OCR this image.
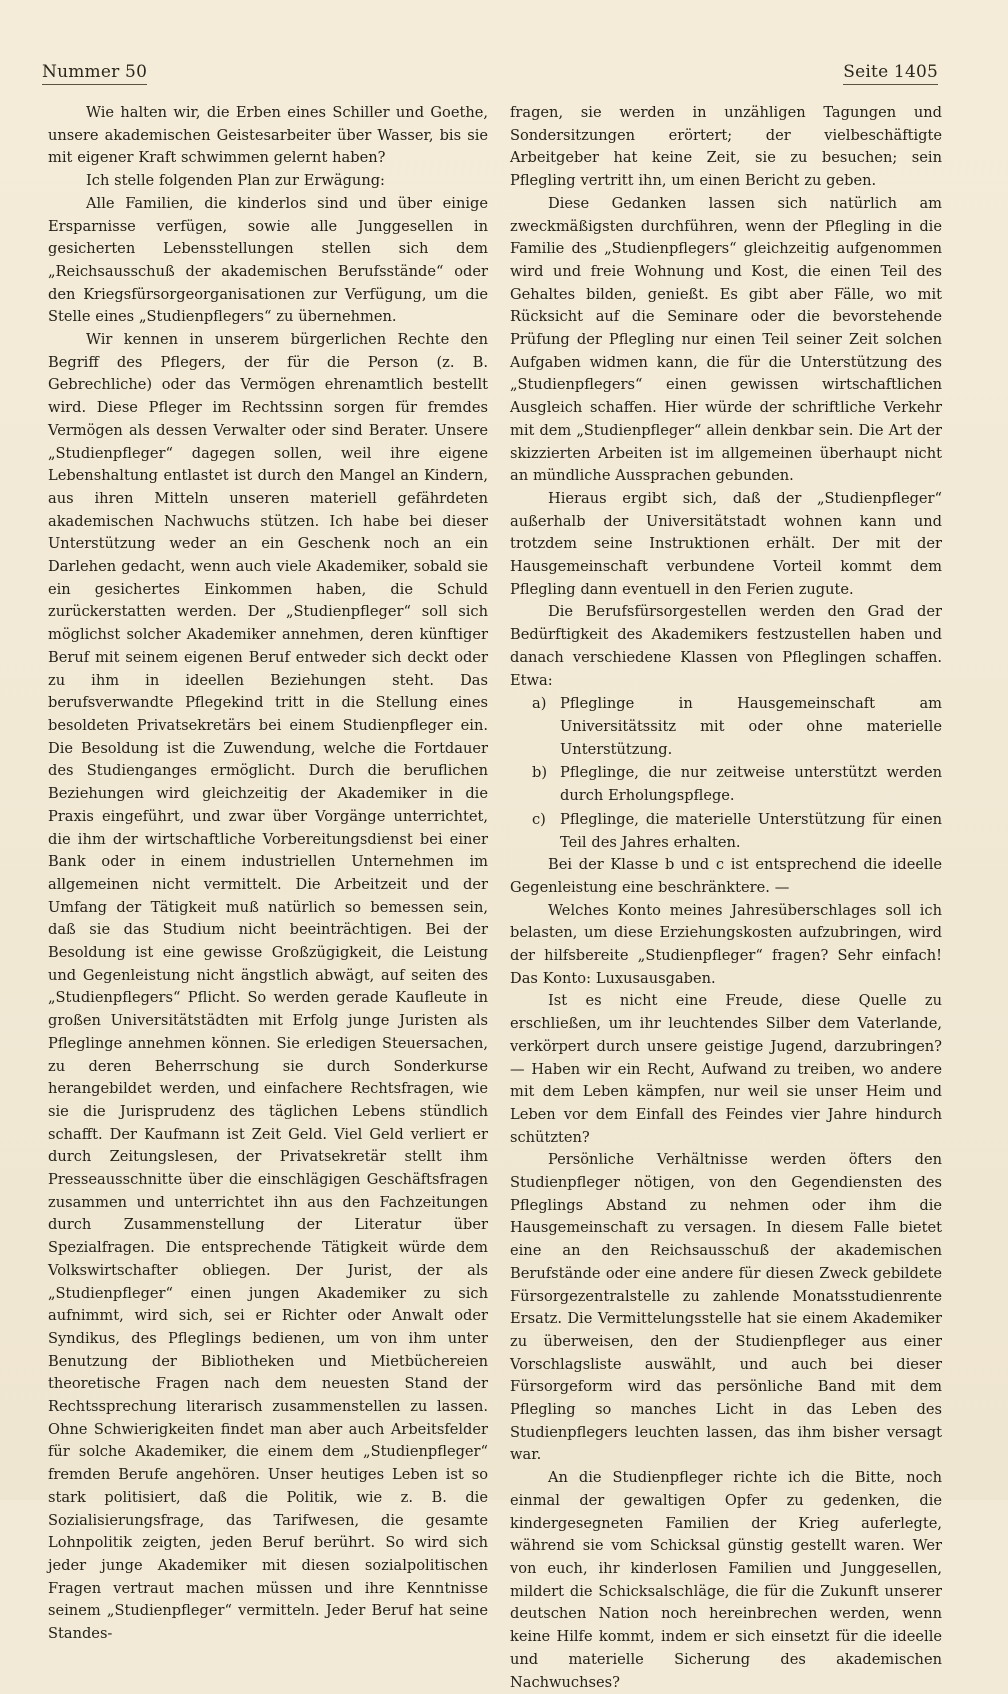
Nummer 50	Seite 1405

Wie halten wir, die Erben eines Schiller und Goethe, unsere akademischen Geistesarbeiter über Wasser, bis sie mit eigener Kraft schwimmen gelernt haben?

Ich stelle folgenden Plan zur Erwägung:

Alle Familien, die kinderlos sind und über einige Ersparnisse verfügen, sowie alle Junggesellen in gesicherten Lebensstellungen stellen sich dem „Reichsausschuß der akademischen Berufsstände“ oder den Kriegsfürsorgeorganisationen zur Verfügung, um die Stelle eines „Studienpflegers“ zu übernehmen.

Wir kennen in unserem bürgerlichen Rechte den Begriff des Pflegers, der für die Person (z. B. Gebrechliche) oder das Vermögen ehrenamtlich bestellt wird. Diese Pfleger im Rechtssinn sorgen für fremdes Vermögen als dessen Verwalter oder sind Berater. Unsere „Studienpfleger“ dagegen sollen, weil ihre eigene Lebenshaltung entlastet ist durch den Mangel an Kindern, aus ihren Mitteln unseren materiell gefährdeten akademischen Nachwuchs stützen. Ich habe bei dieser Unterstützung weder an ein Geschenk noch an ein Darlehen gedacht, wenn auch viele Akademiker, sobald sie ein gesichertes Einkommen haben, die Schuld zurückerstatten werden. Der „Studienpfleger“ soll sich möglichst solcher Akademiker annehmen, deren künftiger Beruf mit seinem eigenen Beruf entweder sich deckt oder zu ihm in ideellen Beziehungen steht. Das berufsverwandte Pflegekind tritt in die Stellung eines besoldeten Privatsekretärs bei einem Studienpfleger ein. Die Besoldung ist die Zuwendung, welche die Fortdauer des Studienganges ermöglicht. Durch die beruflichen Beziehungen wird gleichzeitig der Akademiker in die Praxis eingeführt, und zwar über Vorgänge unterrichtet, die ihm der wirtschaftliche Vorbereitungsdienst bei einer Bank oder in einem industriellen Unternehmen im allgemeinen nicht vermittelt. Die Arbeitzeit und der Umfang der Tätigkeit muß natürlich so bemessen sein, daß sie das Studium nicht beeinträchtigen. Bei der Besoldung ist eine gewisse Großzügigkeit, die Leistung und Gegenleistung nicht ängstlich abwägt, auf seiten des „Studienpflegers“ Pflicht. So werden gerade Kaufleute in großen Universitätstädten mit Erfolg junge Juristen als Pfleglinge annehmen können. Sie erledigen Steuersachen, zu deren Beherrschung sie durch Sonderkurse herangebildet werden, und einfachere Rechtsfragen, wie sie die Jurisprudenz des täglichen Lebens stündlich schafft. Der Kaufmann ist Zeit Geld. Viel Geld verliert er durch Zeitungslesen, der Privatsekretär stellt ihm Presseausschnitte über die einschlägigen Geschäftsfragen zusammen und unterrichtet ihn aus den Fachzeitungen durch Zusammenstellung der Literatur über Spezialfragen. Die entsprechende Tätigkeit würde dem Volkswirtschafter obliegen. Der Jurist, der als „Studienpfleger“ einen jungen Akademiker zu sich aufnimmt, wird sich, sei er Richter oder Anwalt oder Syndikus, des Pfleglings bedienen, um von ihm unter Benutzung der Bibliotheken und Mietbüchereien theoretische Fragen nach dem neuesten Stand der Rechtssprechung literarisch zusammenstellen zu lassen. Ohne Schwierigkeiten findet man aber auch Arbeitsfelder für solche Akademiker, die einem dem „Studienpfleger“ fremden Berufe angehören. Unser heutiges Leben ist so stark politisiert, daß die Politik, wie z. B. die Sozialisierungsfrage, das Tarifwesen, die gesamte Lohnpolitik zeigten, jeden Beruf berührt. So wird sich jeder junge Akademiker mit diesen sozialpolitischen Fragen vertraut machen müssen und ihre Kenntnisse seinem „Studienpfleger“ vermitteln. Jeder Beruf hat seine Standes-

fragen, sie werden in unzähligen Tagungen und Sondersitzungen erörtert; der vielbeschäftigte Arbeitgeber hat keine Zeit, sie zu besuchen; sein Pflegling vertritt ihn, um einen Bericht zu geben.

Diese Gedanken lassen sich natürlich am zweckmäßigsten durchführen, wenn der Pflegling in die Familie des „Studienpflegers“ gleichzeitig aufgenommen wird und freie Wohnung und Kost, die einen Teil des Gehaltes bilden, genießt. Es gibt aber Fälle, wo mit Rücksicht auf die Seminare oder die bevorstehende Prüfung der Pflegling nur einen Teil seiner Zeit solchen Aufgaben widmen kann, die für die Unterstützung des „Studienpflegers“ einen gewissen wirtschaftlichen Ausgleich schaffen. Hier würde der schriftliche Verkehr mit dem „Studienpfleger“ allein denkbar sein. Die Art der skizzierten Arbeiten ist im allgemeinen überhaupt nicht an mündliche Aussprachen gebunden.

Hieraus ergibt sich, daß der „Studienpfleger“ außerhalb der Universitätstadt wohnen kann und trotzdem seine Instruktionen erhält. Der mit der Hausgemeinschaft verbundene Vorteil kommt dem Pflegling dann eventuell in den Ferien zugute.

Die Berufsfürsorgestellen werden den Grad der Bedürftigkeit des Akademikers festzustellen haben und danach verschiedene Klassen von Pfleglingen schaffen. Etwa:

a) Pfleglinge in Hausgemeinschaft am Universitätssitz mit oder ohne materielle Unterstützung.
b) Pfleglinge, die nur zeitweise unterstützt werden durch Erholungspflege.
c) Pfleglinge, die materielle Unterstützung für einen Teil des Jahres erhalten.

Bei der Klasse b und c ist entsprechend die ideelle Gegenleistung eine beschränktere. —

Welches Konto meines Jahresüberschlages soll ich belasten, um diese Erziehungskosten aufzubringen, wird der hilfsbereite „Studienpfleger“ fragen? Sehr einfach! Das Konto: Luxusausgaben.

Ist es nicht eine Freude, diese Quelle zu erschließen, um ihr leuchtendes Silber dem Vaterlande, verkörpert durch unsere geistige Jugend, darzubringen? — Haben wir ein Recht, Aufwand zu treiben, wo andere mit dem Leben kämpfen, nur weil sie unser Heim und Leben vor dem Einfall des Feindes vier Jahre hindurch schützten?

Persönliche Verhältnisse werden öfters den Studienpfleger nötigen, von den Gegendiensten des Pfleglings Abstand zu nehmen oder ihm die Hausgemeinschaft zu versagen. In diesem Falle bietet eine an den Reichsausschuß der akademischen Berufstände oder eine andere für diesen Zweck gebildete Fürsorgezentralstelle zu zahlende Monatsstudienrente Ersatz. Die Vermittelungsstelle hat sie einem Akademiker zu überweisen, den der Studienpfleger aus einer Vorschlagsliste auswählt, und auch bei dieser Fürsorgeform wird das persönliche Band mit dem Pflegling so manches Licht in das Leben des Studienpflegers leuchten lassen, das ihm bisher versagt war.

An die Studienpfleger richte ich die Bitte, noch einmal der gewaltigen Opfer zu gedenken, die kindergesegneten Familien der Krieg auferlegte, während sie vom Schicksal günstig gestellt waren. Wer von euch, ihr kinderlosen Familien und Junggesellen, mildert die Schicksalschläge, die für die Zukunft unserer deutschen Nation noch hereinbrechen werden, wenn keine Hilfe kommt, indem er sich einsetzt für die ideelle und materielle Sicherung des akademischen Nachwuchses?
